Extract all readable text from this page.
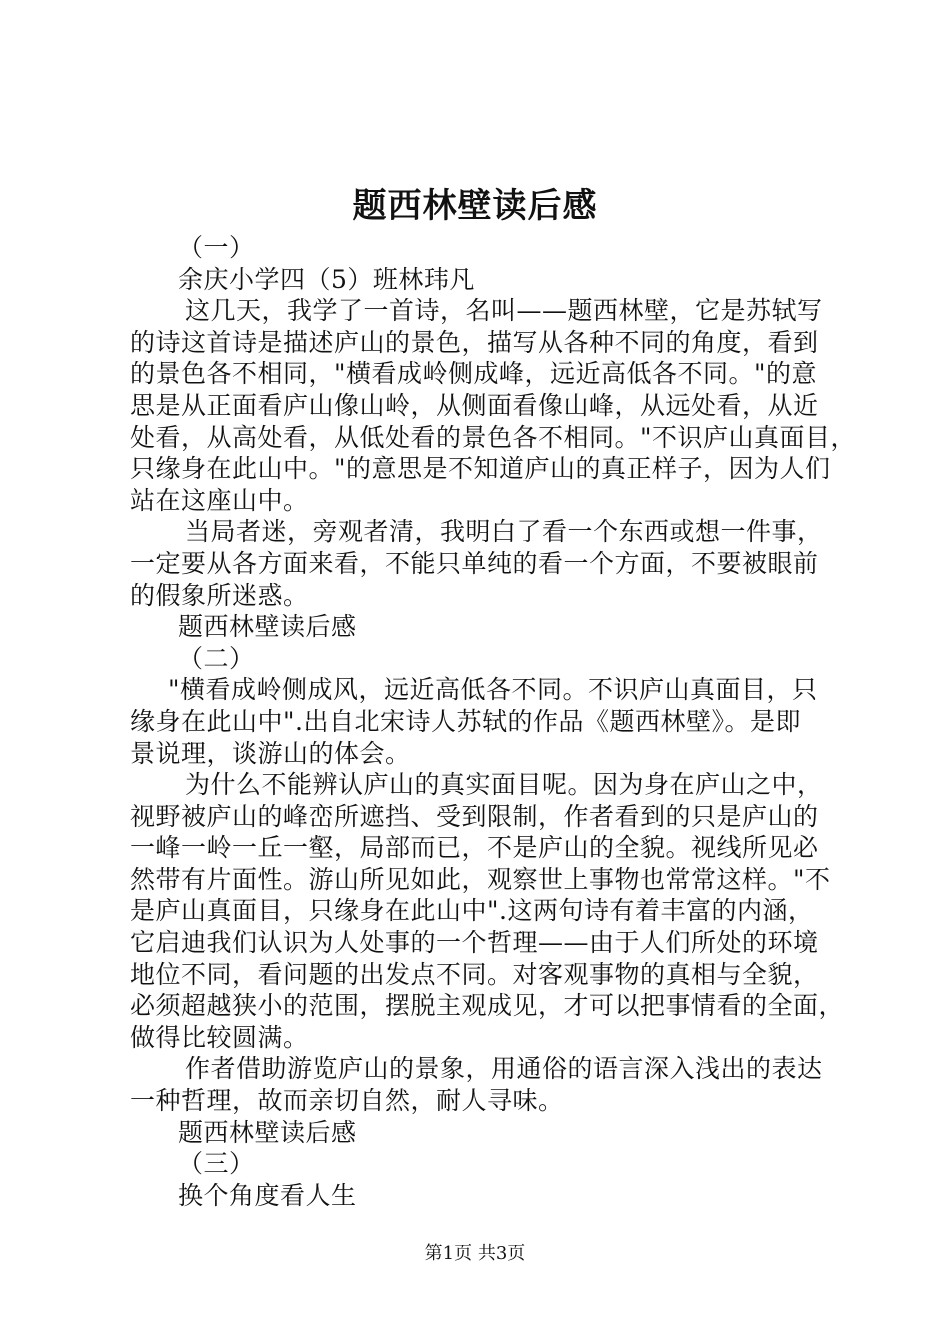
题西林壁读后感
（一）
余庆小学四（5）班林玮凡
这几天，我学了一首诗，名叫——题西林壁，它是苏轼写
的诗这首诗是描述庐山的景色，描写从各种不同的角度，看到
的景色各不相同，"横看成岭侧成峰，远近高低各不同。"的意
思是从正面看庐山像山岭，从侧面看像山峰，从远处看，从近
处看，从高处看，从低处看的景色各不相同。"不识庐山真面目，
只缘身在此山中。"的意思是不知道庐山的真正样子，因为人们
站在这座山中。
当局者迷，旁观者清，我明白了看一个东西或想一件事，
一定要从各方面来看，不能只单纯的看一个方面，不要被眼前
的假象所迷惑。
题西林壁读后感
（二）
"横看成岭侧成风，远近高低各不同。不识庐山真面目，只
缘身在此山中".出自北宋诗人苏轼的作品《题西林壁》。是即
景说理，谈游山的体会。
为什么不能辨认庐山的真实面目呢。因为身在庐山之中，
视野被庐山的峰峦所遮挡、受到限制，作者看到的只是庐山的
一峰一岭一丘一壑，局部而已，不是庐山的全貌。视线所见必
然带有片面性。游山所见如此，观察世上事物也常常这样。"不
是庐山真面目，只缘身在此山中".这两句诗有着丰富的内涵，
它启迪我们认识为人处事的一个哲理——由于人们所处的环境
地位不同，看问题的出发点不同。对客观事物的真相与全貌，
必须超越狭小的范围，摆脱主观成见，才可以把事情看的全面，
做得比较圆满。
作者借助游览庐山的景象，用通俗的语言深入浅出的表达
一种哲理，故而亲切自然，耐人寻味。
题西林壁读后感
（三）
换个角度看人生
第1页 共3页
